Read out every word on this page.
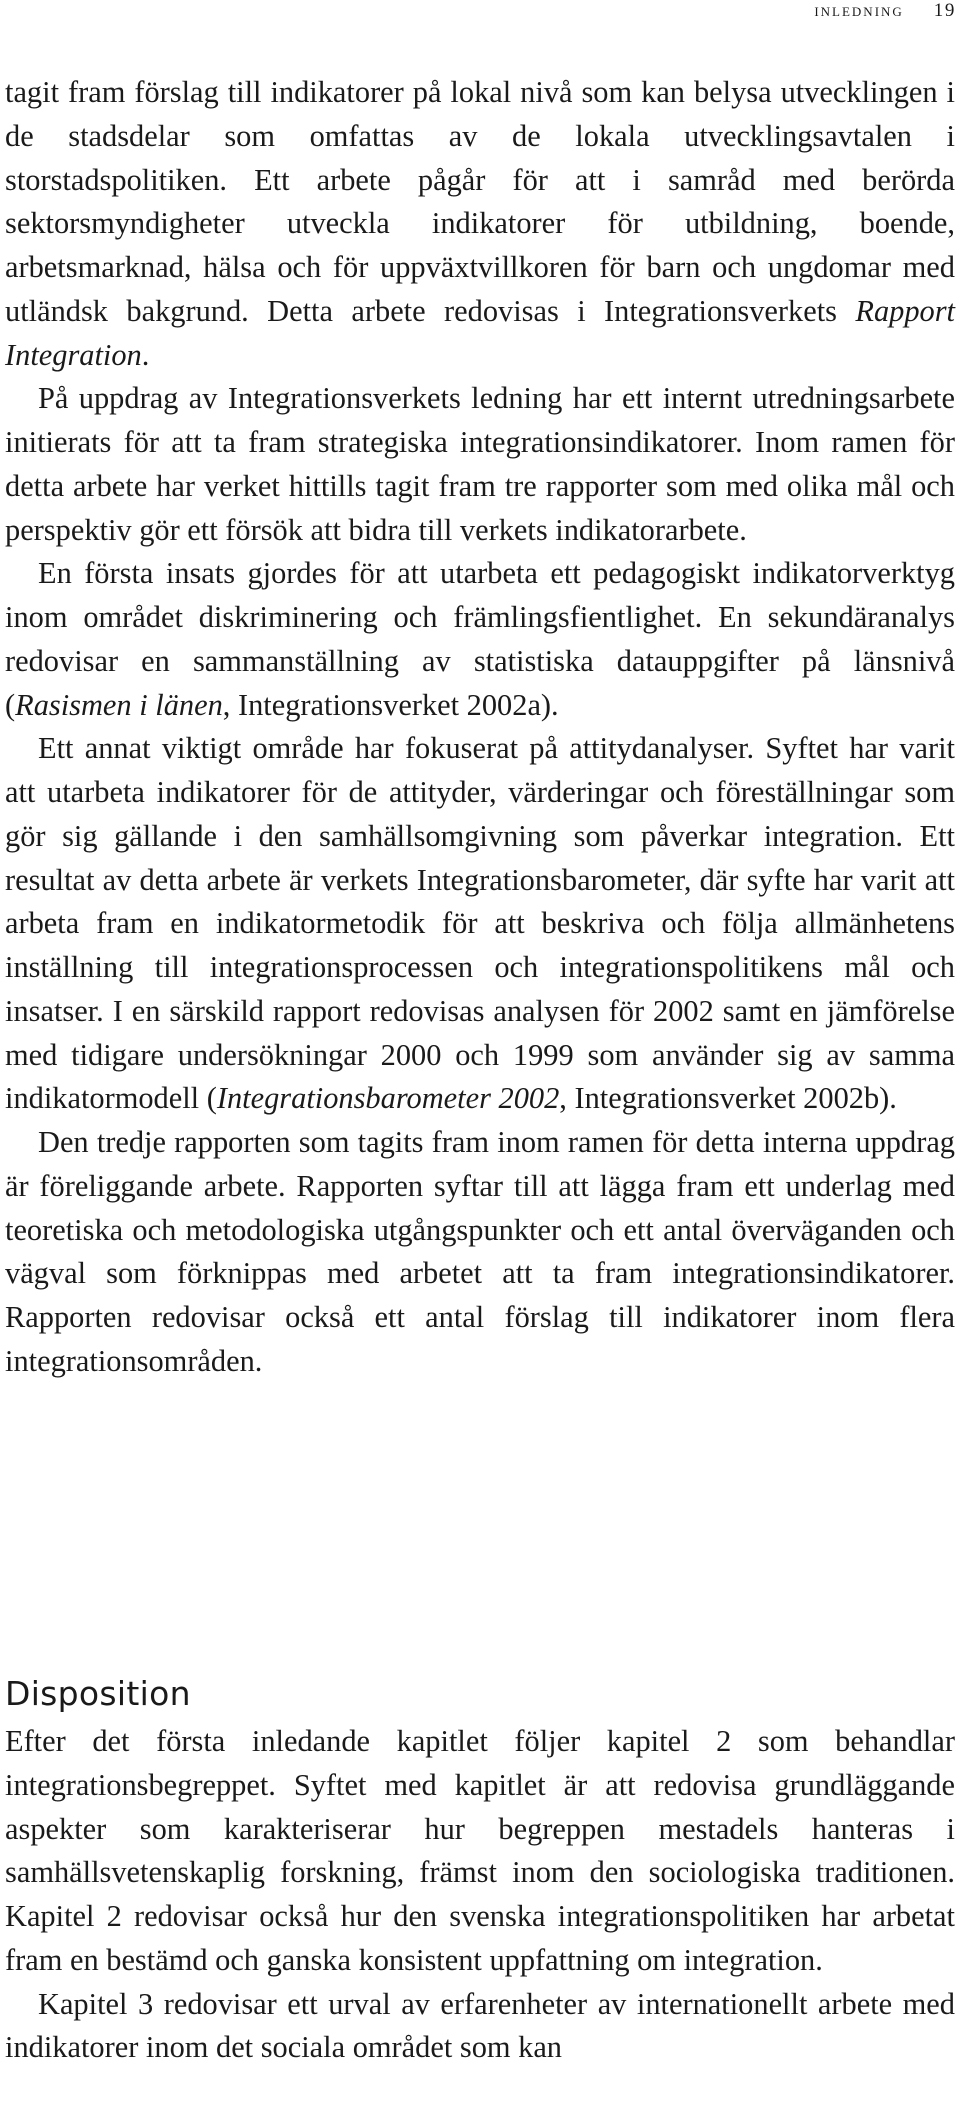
inledning 19

tagit fram förslag till indikatorer på lokal nivå som kan belysa utvecklingen i de stadsdelar som omfattas av de lokala utvecklingsavtalen i storstadspolitiken. Ett arbete pågår för att i samråd med berörda sektorsmyndigheter utveckla indikatorer för utbildning, boende, arbetsmarknad, hälsa och för uppväxtvillkoren för barn och ungdomar med utländsk bakgrund. Detta arbete redovisas i Integrationsverkets Rapport Integration.

På uppdrag av Integrationsverkets ledning har ett internt utredningsarbete initierats för att ta fram strategiska integrationsindikatorer. Inom ramen för detta arbete har verket hittills tagit fram tre rapporter som med olika mål och perspektiv gör ett försök att bidra till verkets indikatorarbete.

En första insats gjordes för att utarbeta ett pedagogiskt indikatorverktyg inom området diskriminering och främlingsfientlighet. En sekundäranalys redovisar en sammanställning av statistiska datauppgifter på länsnivå (Rasismen i länen, Integrationsverket 2002a).

Ett annat viktigt område har fokuserat på attitydanalyser. Syftet har varit att utarbeta indikatorer för de attityder, värderingar och föreställningar som gör sig gällande i den samhällsomgivning som påverkar integration. Ett resultat av detta arbete är verkets Integrationsbarometer, där syfte har varit att arbeta fram en indikatormetodik för att beskriva och följa allmänhetens inställning till integrationsprocessen och integrationspolitikens mål och insatser. I en särskild rapport redovisas analysen för 2002 samt en jämförelse med tidigare undersökningar 2000 och 1999 som använder sig av samma indikatormodell (Integrationsbarometer 2002, Integrationsverket 2002b).

Den tredje rapporten som tagits fram inom ramen för detta interna uppdrag är föreliggande arbete. Rapporten syftar till att lägga fram ett underlag med teoretiska och metodologiska utgångspunkter och ett antal överväganden och vägval som förknippas med arbetet att ta fram integrationsindikatorer. Rapporten redovisar också ett antal förslag till indikatorer inom flera integrationsområden.

Disposition

Efter det första inledande kapitlet följer kapitel 2 som behandlar integrationsbegreppet. Syftet med kapitlet är att redovisa grundläggande aspekter som karakteriserar hur begreppen mestadels hanteras i samhällsvetenskaplig forskning, främst inom den sociologiska traditionen. Kapitel 2 redovisar också hur den svenska integrationspolitiken har arbetat fram en bestämd och ganska konsistent uppfattning om integration.

Kapitel 3 redovisar ett urval av erfarenheter av internationellt arbete med indikatorer inom det sociala området som kan
